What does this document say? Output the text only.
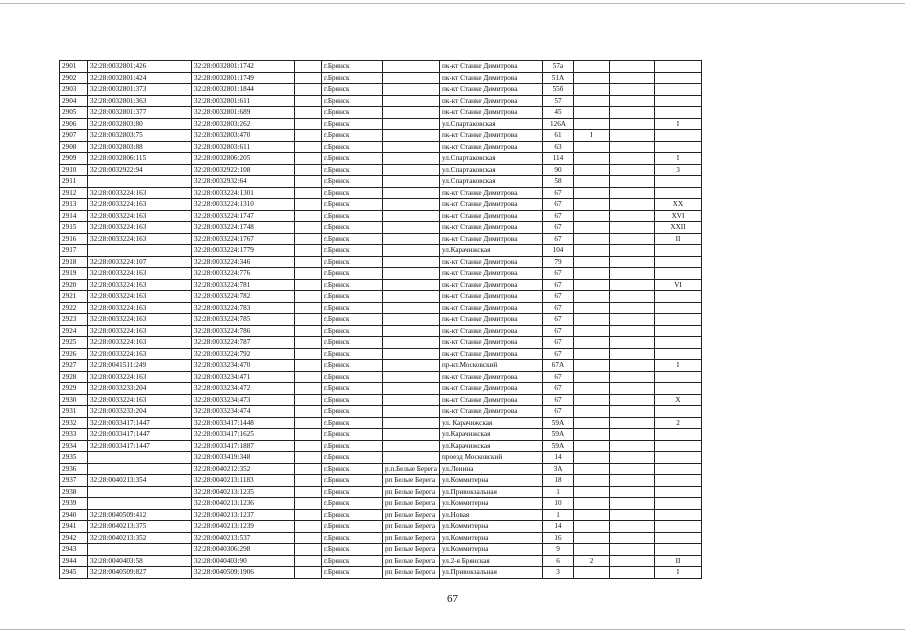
2901	32:28:0032801:426	32:28:0032801:1742		г.Брянск		пк-кт Станке Димитрова	57а			
2902	32:28:0032801:424	32:28:0032801:1749		г.Брянск		пк-кт Станке Димитрова	51А			
2903	32:28:0032801:373	32:28:0032801:1844		г.Брянск		пк-кт Станке Димитрова	55б			
2904	32:28:0032801:363	32:28:0032801:611		г.Брянск		пк-кт Станке Димитрова	57			
2905	32:28:0032801:377	32:28:0032801:689		г.Брянск		пк-кт Станке Димитрова	45			
2906	32:28:0032803:80	32:28:0032803:262		г.Брянск		ул.Спартаковская	126А			I
2907	32:28:0032803:75	32:28:0032803:470		г.Брянск		пк-кт Станке Димитрова	61	I		
2908	32:28:0032803:88	32:28:0032803:611		г.Брянск		пк-кт Станке Димитрова	63			
2909	32:28:0032806:115	32:28:0032806:205		г.Брянск		ул.Спартаковская	114			I
2910	32:28:0032922:94	32:28:0032922:108		г.Брянск		ул.Спартаковская	90			3
2911		32:28:0032932:64		г.Брянск		ул.Спартаковская	58			
2912	32:28:0033224:163	32:28:0033224:1301		г.Брянск		пк-кт Станке Димитрова	67			
2913	32:28:0033224:163	32:28:0033224:1310		г.Брянск		пк-кт Станке Димитрова	67			XX
2914	32:28:0033224:163	32:28:0033224:1747		г.Брянск		пк-кт Станке Димитрова	67			XVI
2915	32:28:0033224:163	32:28:0033224:1748		г.Брянск		пк-кт Станке Димитрова	67			XXII
2916	32:28:0033224:163	32:28:0033224:1767		г.Брянск		пк-кт Станке Димитрова	67			II
2917		32:28:0033224:1779		г.Брянск		ул.Карачижская	104			
2918	32:28:0033224:107	32:28:0033224:346		г.Брянск		пк-кт Станке Димитрова	79			
2919	32:28:0033224:163	32:28:0033224:776		г.Брянск		пк-кт Станке Димитрова	67			
2920	32:28:0033224:163	32:28:0033224:781		г.Брянск		пк-кт Станке Димитрова	67			VI
2921	32:28:0033224:163	32:28:0033224:782		г.Брянск		пк-кт Станке Димитрова	67			
2922	32:28:0033224:163	32:28:0033224:783		г.Брянск		пк-кт Станке Димитрова	67			
2923	32:28:0033224:163	32:28:0033224:785		г.Брянск		пк-кт Станке Димитрова	67			
2924	32:28:0033224:163	32:28:0033224:786		г.Брянск		пк-кт Станке Димитрова	67			
2925	32:28:0033224:163	32:28:0033224:787		г.Брянск		пк-кт Станке Димитрова	67			
2926	32:28:0033224:163	32:28:0033224:792		г.Брянск		пк-кт Станке Димитрова	67			
2927	32:28:0041511:249	32:28:0033234:470		г.Брянск		пр-кт.Московский	67А			I
2928	32:28:0033224:163	32:28:0033234:471		г.Брянск		пк-кт Станке Димитрова	67			
2929	32:28:0033233:204	32:28:0033234:472		г.Брянск		пк-кт Станке Димитрова	67			
2930	32:28:0033224:163	32:28:0033234:473		г.Брянск		пк-кт Станке Димитрова	67			X
2931	32:28:0033233:204	32:28:0033234:474		г.Брянск		пк-кт Станке Димитрова	67			
2932	32:28:0033417:1447	32:28:0033417:1448		г.Брянск		ул. Карачижская	59А			2
2933	32:28:0033417:1447	32:28:0033417:1625		г.Брянск		ул.Карачижская	59А			
2934	32:28:0033417:1447	32:28:0033417:1887		г.Брянск		ул.Карачижская	59А			
2935		32:28:0033419:348		г.Брянск		проезд Московский	14			
2936		32:28:0040212:352		г.Брянск	р.п.Белые Берега	ул.Ленина	3А			
2937	32:28:0040213:354	32:28:0040213:1183		г.Брянск	рп Белые Берега	ул.Коммитерна	18			
2938		32:28:0040213:1235		г.Брянск	рп Белые Берега	ул.Привокзальная	1			
2939		32:28:0040213:1236		г.Брянск	рп Белые Берега	ул.Коммитерна	10			
2940	32:28:0040509:412	32:28:0040213:1237		г.Брянск	рп Белые Берега	ул.Новая	1			
2941	32:28:0040213:375	32:28:0040213:1239		г.Брянск	рп Белые Берега	ул.Коммитерна	14			
2942	32:28:0040213:352	32:28:0040213:537		г.Брянск	рп Белые Берега	ул.Коммитерна	16			
2943		32:28:0040306:298		г.Брянск	рп Белые Берега	ул.Коммитерна	9			
2944	32:28:0040403:58	32:28:0040403:90		г.Брянск	рп Белые Берега	ул.2-я Брянская	6	2		II
2945	32:28:0040509:827	32:28:0040509:1906		г.Брянск	рп Белые Берега	ул.Привокзальная	3			I
67
